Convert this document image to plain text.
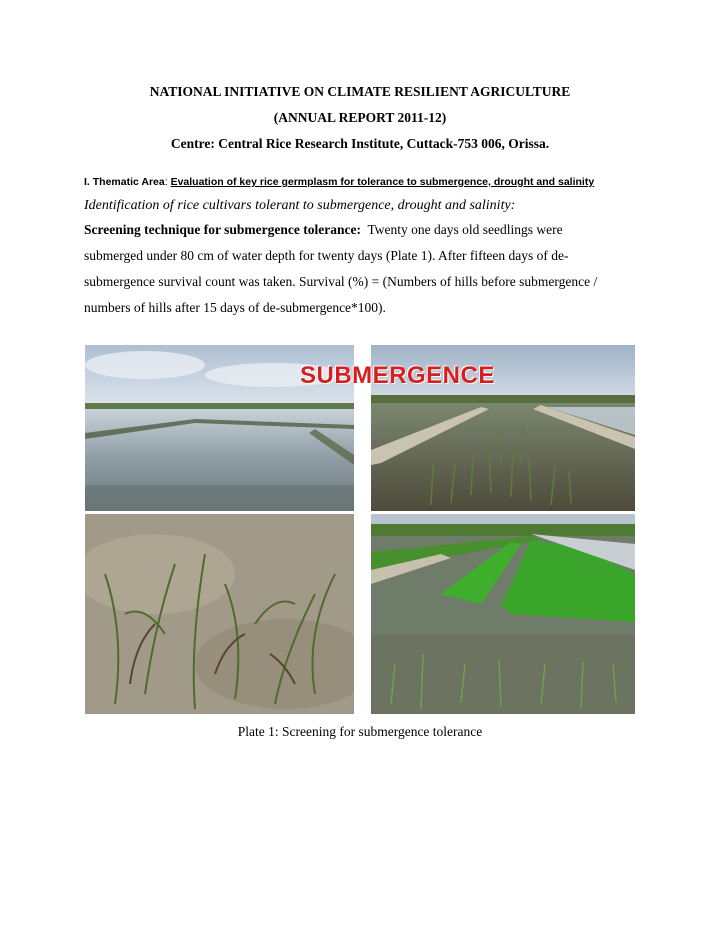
NATIONAL INITIATIVE ON CLIMATE RESILIENT AGRICULTURE
(ANNUAL REPORT 2011-12)
Centre: Central Rice Research Institute, Cuttack-753 006, Orissa.
I. Thematic Area: Evaluation of key rice germplasm for tolerance to submergence, drought and salinity
Identification of rice cultivars tolerant to submergence, drought and salinity:
Screening technique for submergence tolerance: Twenty one days old seedlings were
submerged under 80 cm of water depth for twenty days (Plate 1). After fifteen days of de-
submergence survival count was taken. Survival (%) = (Numbers of hills before submergence /
numbers of hills after 15 days of de-submergence*100).
SUBMERGENCE
Plate 1: Screening for submergence tolerance
